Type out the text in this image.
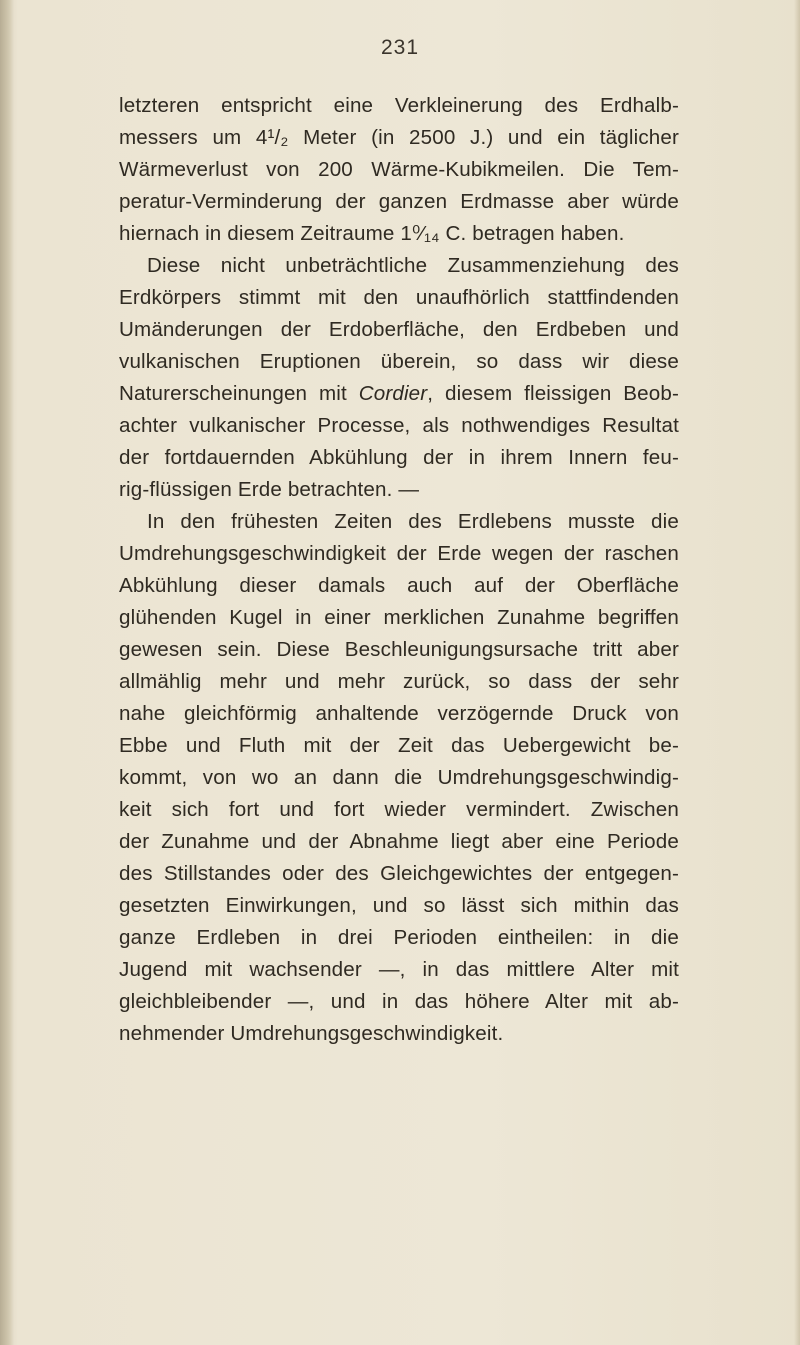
231
letzteren entspricht eine Verkleinerung des Erdhalb-
messers um 4¹/₂ Meter (in 2500 J.) und ein täglicher
Wärmeverlust von 200 Wärme-Kubikmeilen. Die Tem-
peratur-Verminderung der ganzen Erdmasse aber würde
hiernach in diesem Zeitraume 1⁰⁄₁₄ C. betragen haben.
Diese nicht unbeträchtliche Zusammenziehung des
Erdkörpers stimmt mit den unaufhörlich stattfindenden
Umänderungen der Erdoberfläche, den Erdbeben und
vulkanischen Eruptionen überein, so dass wir diese
Naturerscheinungen mit Cordier, diesem fleissigen Beob-
achter vulkanischer Processe, als nothwendiges Resultat
der fortdauernden Abkühlung der in ihrem Innern feu-
rig-flüssigen Erde betrachten. —
In den frühesten Zeiten des Erdlebens musste die
Umdrehungsgeschwindigkeit der Erde wegen der raschen
Abkühlung dieser damals auch auf der Oberfläche
glühenden Kugel in einer merklichen Zunahme begriffen
gewesen sein. Diese Beschleunigungsursache tritt aber
allmählig mehr und mehr zurück, so dass der sehr
nahe gleichförmig anhaltende verzögernde Druck von
Ebbe und Fluth mit der Zeit das Uebergewicht be-
kommt, von wo an dann die Umdrehungsgeschwindig-
keit sich fort und fort wieder vermindert. Zwischen
der Zunahme und der Abnahme liegt aber eine Periode
des Stillstandes oder des Gleichgewichtes der entgegen-
gesetzten Einwirkungen, und so lässt sich mithin das
ganze Erdleben in drei Perioden eintheilen: in die
Jugend mit wachsender —, in das mittlere Alter mit
gleichbleibender —, und in das höhere Alter mit ab-
nehmender Umdrehungsgeschwindigkeit.
